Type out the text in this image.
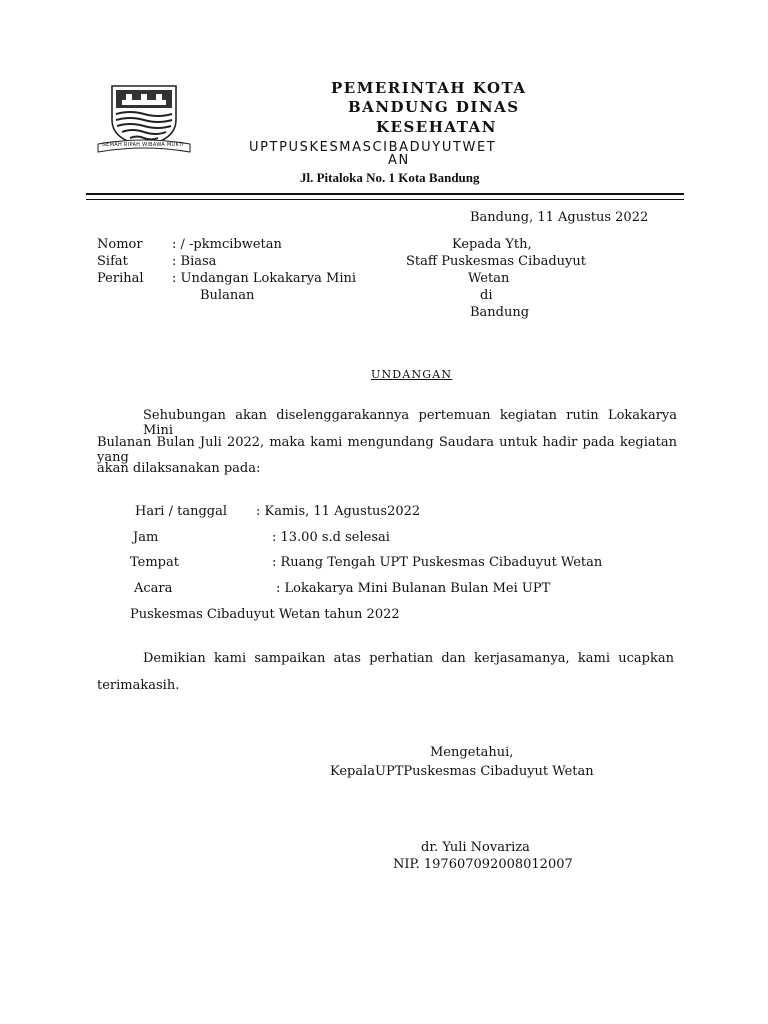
GEMAH RIPAH WIBAWA MUKTI
PEMERINTAH KOTA
BANDUNG DINAS
KESEHATAN
UPTPUSKESMASCIBADUYUTWET
AN
Jl. Pitaloka No. 1 Kota Bandung
Bandung, 11 Agustus 2022
Nomor : / -pkmcibwetan
Sifat	: Biasa
Perihal : Undangan Lokakarya Mini
Bulanan
Kepada Yth,
Staff Puskesmas Cibaduyut
Wetan
di
Bandung
UNDANGAN
Sehubungan akan diselenggarakannya pertemuan kegiatan rutin Lokakarya Mini
Bulanan Bulan Juli 2022, maka kami mengundang Saudara untuk hadir pada kegiatan yang
akan dilaksanakan pada:
Hari / tanggal : Kamis, 11 Agustus2022
Jam	: 13.00 s.d selesai
Tempat	: Ruang Tengah UPT Puskesmas Cibaduyut Wetan
Acara	: Lokakarya Mini Bulanan Bulan Mei UPT
Puskesmas Cibaduyut Wetan tahun 2022
Demikian kami sampaikan atas perhatian dan kerjasamanya, kami ucapkan
terimakasih.
Mengetahui,
KepalaUPTPuskesmas Cibaduyut Wetan
dr. Yuli Novariza
NIP. 197607092008012007
